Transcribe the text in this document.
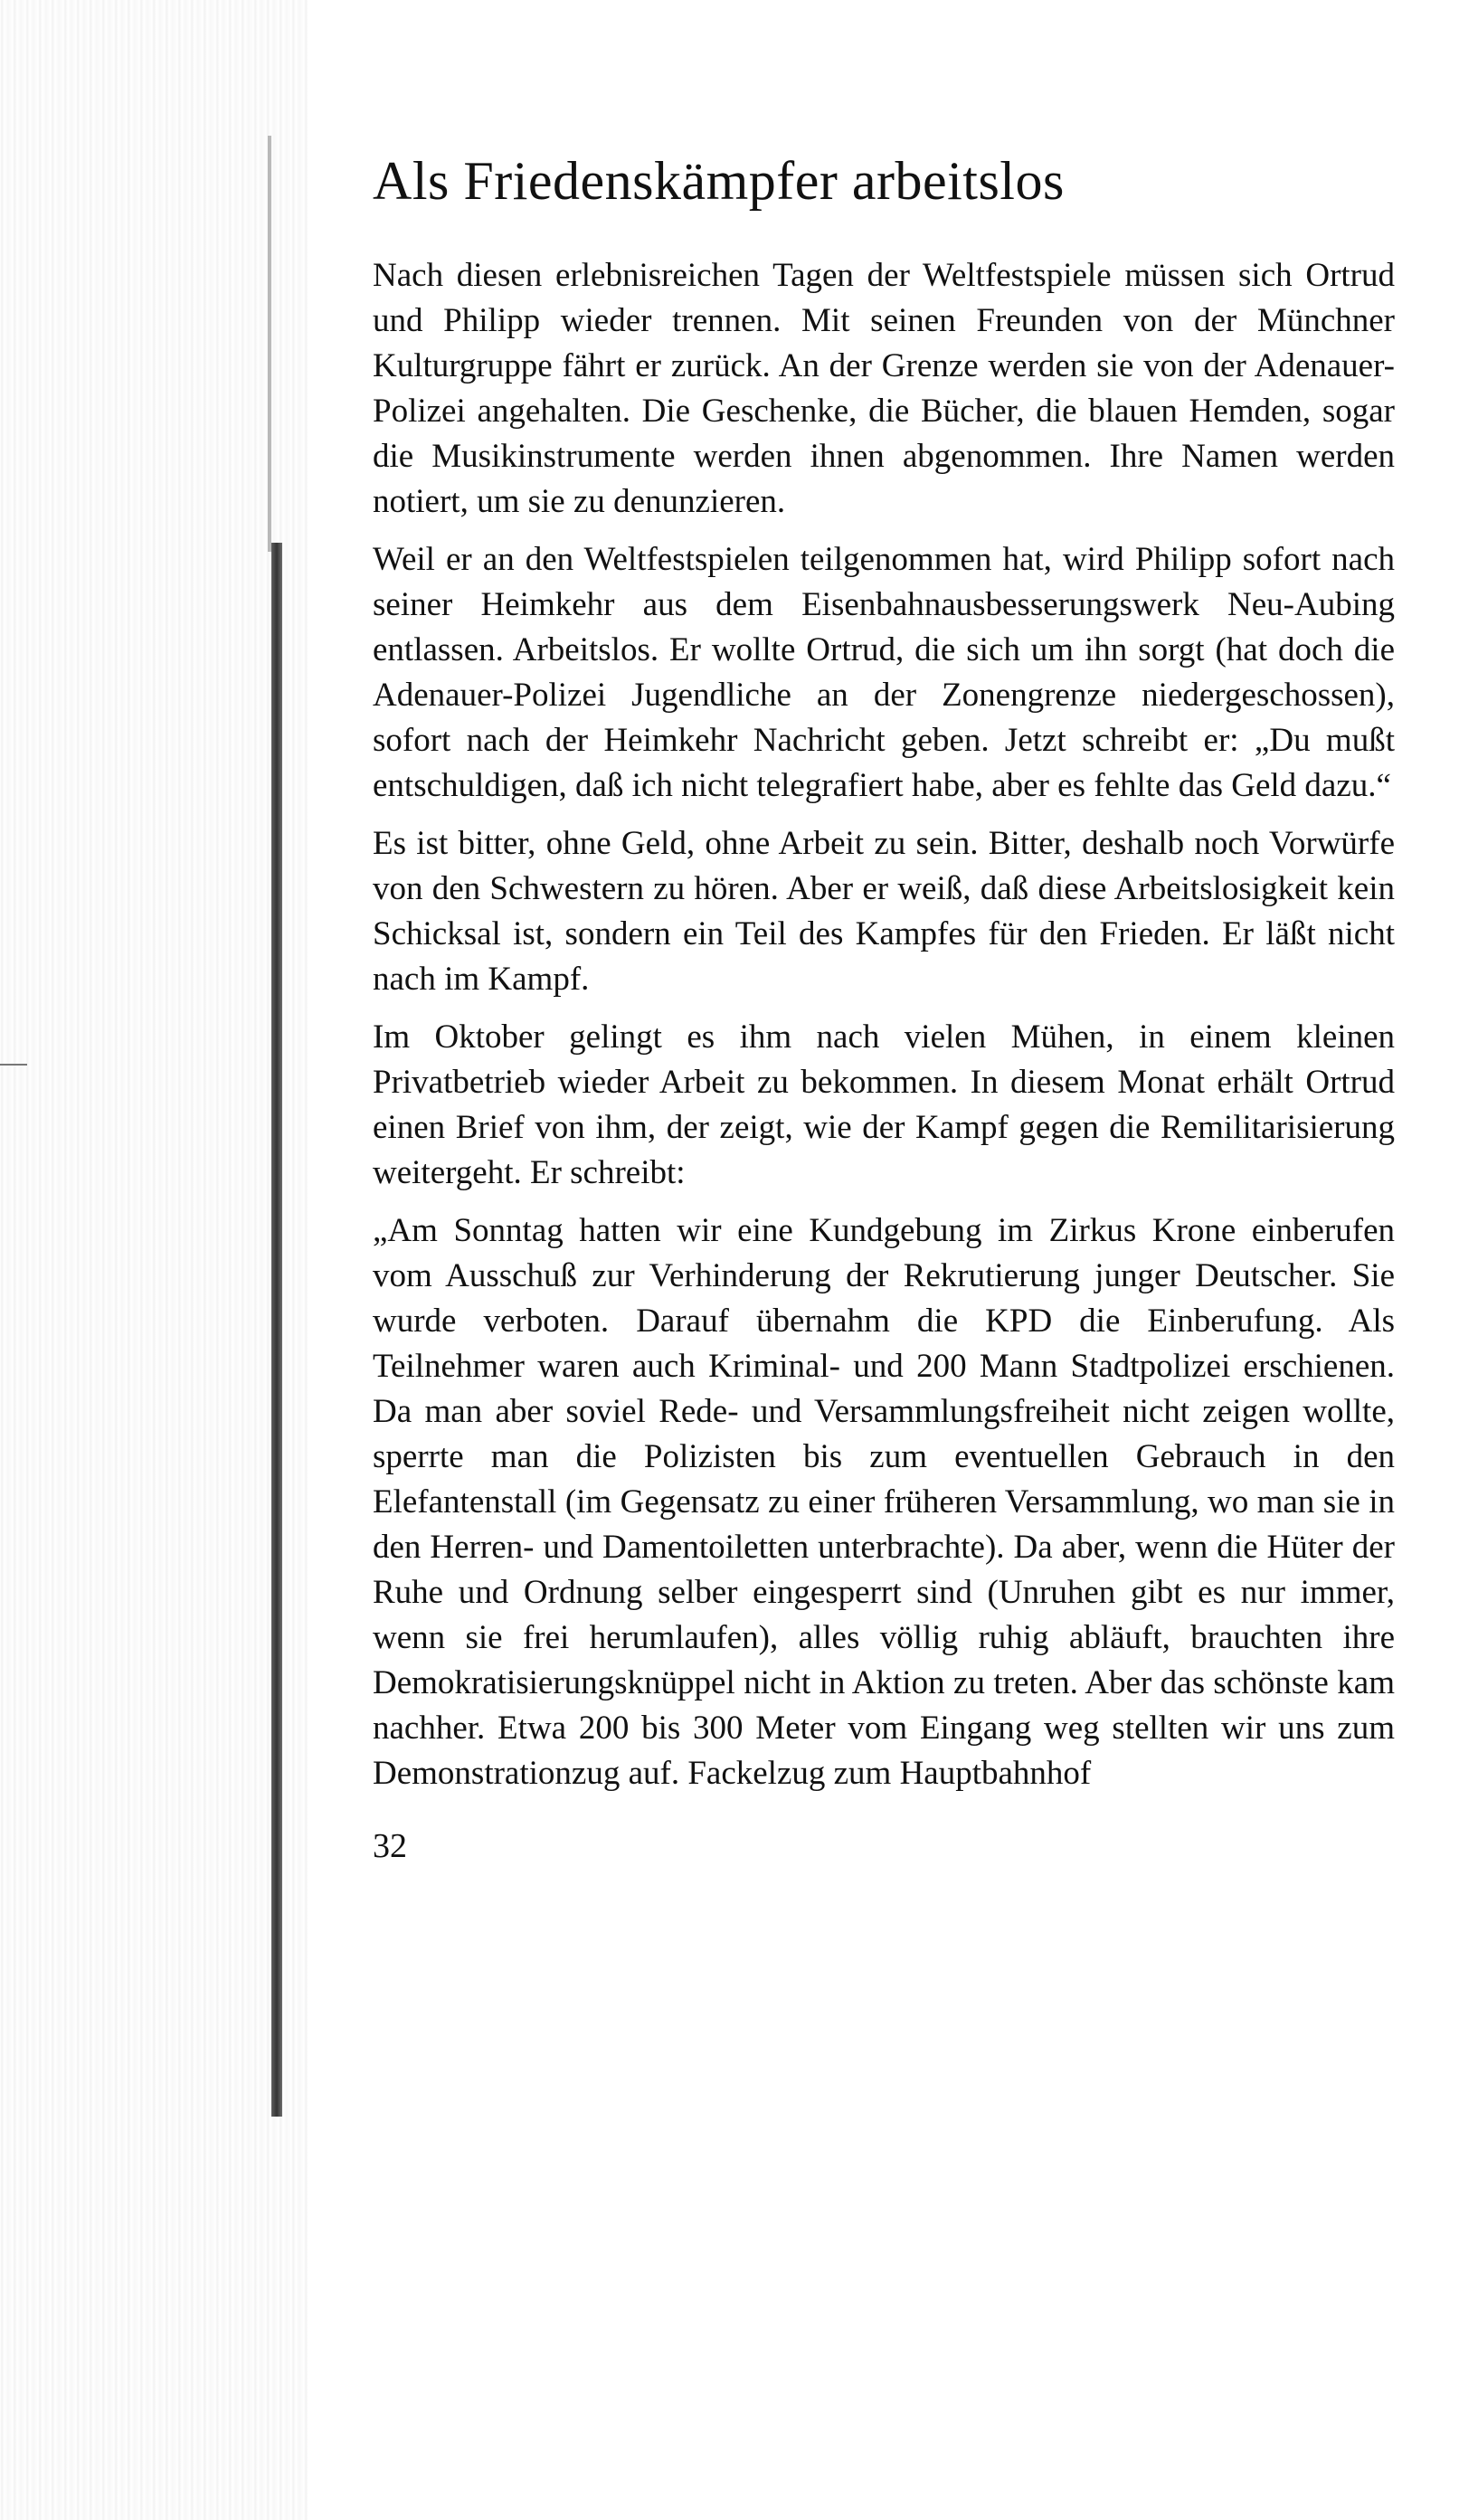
Als Friedenskämpfer arbeitslos

Nach diesen erlebnisreichen Tagen der Weltfestspiele müssen sich Ortrud und Philipp wieder trennen. Mit seinen Freunden von der Münchner Kulturgruppe fährt er zurück. An der Grenze werden sie von der Adenauer-Polizei angehalten. Die Geschenke, die Bücher, die blauen Hemden, sogar die Musikinstrumente werden ihnen abgenommen. Ihre Namen werden notiert, um sie zu denunzieren.

Weil er an den Weltfestspielen teilgenommen hat, wird Philipp sofort nach seiner Heimkehr aus dem Eisenbahnausbesserungswerk Neu-Aubing entlassen. Arbeitslos. Er wollte Ortrud, die sich um ihn sorgt (hat doch die Adenauer-Polizei Jugendliche an der Zonengrenze niedergeschossen), sofort nach der Heimkehr Nachricht geben. Jetzt schreibt er: „Du mußt entschuldigen, daß ich nicht telegrafiert habe, aber es fehlte das Geld dazu.“

Es ist bitter, ohne Geld, ohne Arbeit zu sein. Bitter, deshalb noch Vorwürfe von den Schwestern zu hören. Aber er weiß, daß diese Arbeitslosigkeit kein Schicksal ist, sondern ein Teil des Kampfes für den Frieden. Er läßt nicht nach im Kampf.

Im Oktober gelingt es ihm nach vielen Mühen, in einem kleinen Privatbetrieb wieder Arbeit zu bekommen. In diesem Monat erhält Ortrud einen Brief von ihm, der zeigt, wie der Kampf gegen die Remilitarisierung weitergeht. Er schreibt:

„Am Sonntag hatten wir eine Kundgebung im Zirkus Krone einberufen vom Ausschuß zur Verhinderung der Rekrutierung junger Deutscher. Sie wurde verboten. Darauf übernahm die KPD die Einberufung. Als Teilnehmer waren auch Kriminal- und 200 Mann Stadtpolizei erschienen. Da man aber soviel Rede- und Versammlungsfreiheit nicht zeigen wollte, sperrte man die Polizisten bis zum eventuellen Gebrauch in den Elefantenstall (im Gegensatz zu einer früheren Versammlung, wo man sie in den Herren- und Damentoiletten unterbrachte). Da aber, wenn die Hüter der Ruhe und Ordnung selber eingesperrt sind (Unruhen gibt es nur immer, wenn sie frei herumlaufen), alles völlig ruhig abläuft, brauchten ihre Demokratisierungsknüppel nicht in Aktion zu treten. Aber das schönste kam nachher. Etwa 200 bis 300 Meter vom Eingang weg stellten wir uns zum Demonstrationzug auf. Fackelzug zum Hauptbahnhof

32
